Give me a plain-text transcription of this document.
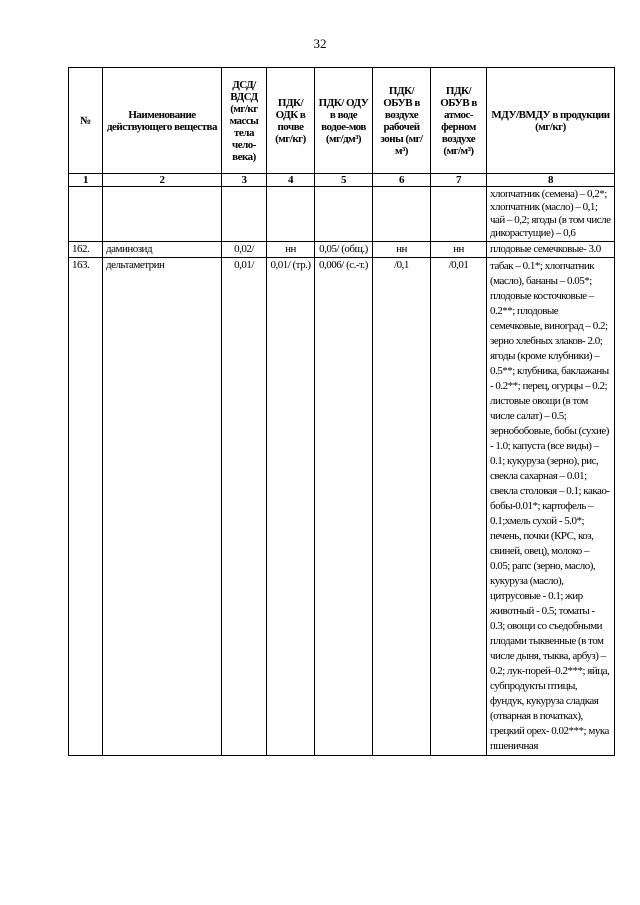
32
№	Наименование действующего вещества	ДСД/ ВДСД (мг/кг массы тела чело-века)	ПДК/ ОДК в почве (мг/кг)	ПДК/ ОДУ в воде водое-мов (мг/дм³)	ПДК/ ОБУВ в воздухе рабочей зоны (мг/м³)	ПДК/ ОБУВ в атмос-ферном воздухе (мг/м³)	МДУ/ВМДУ в продукции (мг/кг)
1	2	3	4	5	6	7	8
							хлопчатник (семена) – 0,2*; хлопчатник (масло) – 0,1; чай – 0,2; ягоды (в том числе дикорастущие) – 0,6
162.	даминозид	0,02/	нн	0,05/ (общ.)	нн	нн	плодовые семечковые- 3.0
163.	дельтаметрин	0,01/	0,01/ (тр.)	0,006/ (с.-т.)	/0,1	/0,01	табак – 0.1*; хлопчатник (масло), бананы – 0.05*; плодовые косточковые – 0.2**; плодовые семечковые, виноград – 0.2; зерно хлебных злаков- 2.0; ягоды (кроме клубники) – 0.5**; клубника, баклажаны - 0.2**; перец, огурцы – 0.2; листовые овощи (в том числе салат) – 0.5; зернобобовые, бобы (сухие) - 1.0; капуста (все виды) – 0.1; кукуруза (зерно), рис, свекла сахарная – 0.01; свекла столовая – 0.1; какао-бобы-0.01*; картофель – 0.1;хмель сухой - 5.0*; печень, почки (КРС, коз, свиней, овец), молоко – 0.05; рапс (зерно, масло), кукуруза (масло), цитрусовые - 0.1; жир животный - 0.5; томаты - 0.3; овощи со съедобными плодами тыквенные (в том числе дыня, тыква, арбуз) – 0.2; лук-порей–0.2***; яйца, субпродукты птицы, фундук, кукуруза сладкая (отварная в початках), грецкий орех- 0.02***; мука пшеничная
